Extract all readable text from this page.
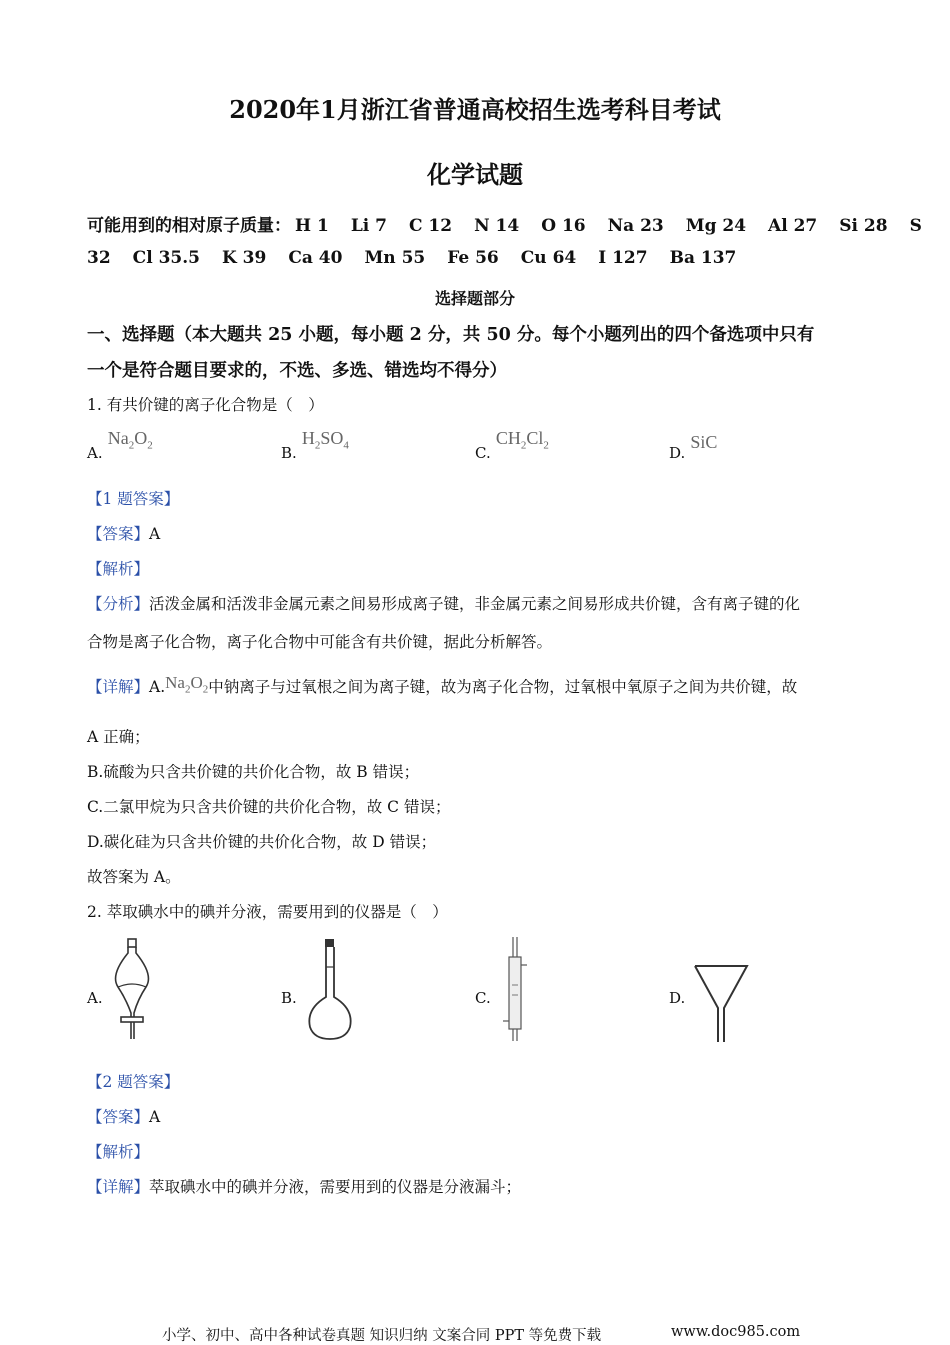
2020年1月浙江省普通高校招生选考科目考试
化学试题
可能用到的相对原子质量： H 1 Li 7 C 12 N 14 O 16 Na 23 Mg 24 Al 27 Si 28 S
32 Cl 35.5 K 39 Ca 40 Mn 55 Fe 56 Cu 64 I 127 Ba 137
选择题部分
一、选择题（本大题共 25 小题，每小题 2 分，共 50 分。每个小题列出的四个备选项中只有
一个是符合题目要求的，不选、多选、错选均不得分）
1. 有共价键的离子化合物是（　）
A. $Na_2O_2$	B. $H_2SO_4$	C. $CH_2Cl_2$	D. SiC
【1 题答案】
【答案】A
【解析】
【分析】活泼金属和活泼非金属元素之间易形成离子键，非金属元素之间易形成共价键，含有离子键的化
合物是离子化合物，离子化合物中可能含有共价键，据此分析解答。
【详解】$A.Na_2O_2$中钠离子与过氧根之间为离子键，故为离子化合物，过氧根中氧原子之间为共价键，故
A 正确；
B.硫酸为只含共价键的共价化合物，故 B 错误；
C.二氯甲烷为只含共价键的共价化合物，故 C 错误；
D.碳化硅为只含共价键的共价化合物，故 D 错误；
故答案为 A。
2. 萃取碘水中的碘并分液，需要用到的仪器是（　）
A.	B.	C.	D.
【2 题答案】
【答案】A
【解析】
【详解】萃取碘水中的碘并分液，需要用到的仪器是分液漏斗；
小学、初中、高中各种试卷真题 知识归纳 文案合同 PPT 等免费下载	www.doc985.com
